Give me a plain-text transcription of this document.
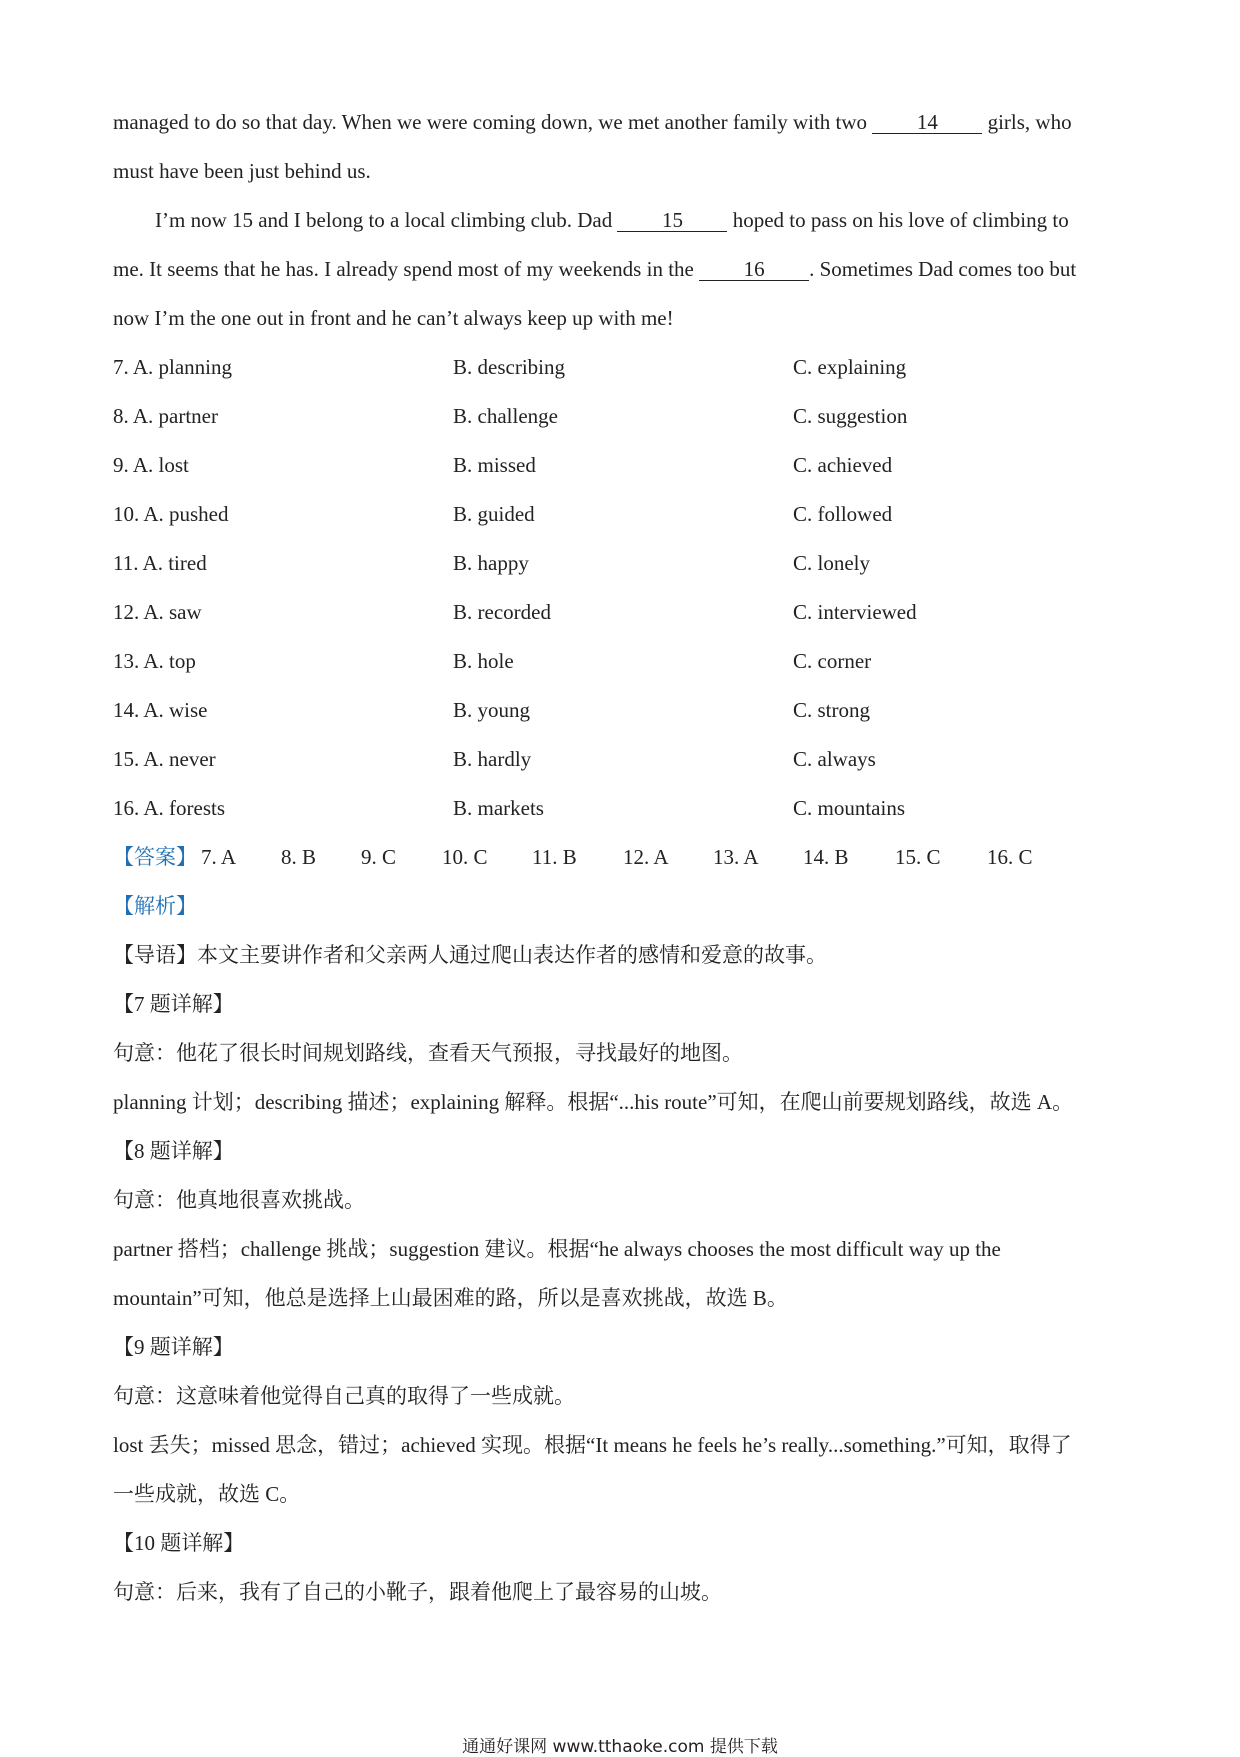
managed to do so that day. When we were coming down, we met another family with two 14 girls, who
must have been just behind us.
I’m now 15 and I belong to a local climbing club. Dad 15 hoped to pass on his love of climbing to
me. It seems that he has. I already spend most of my weekends in the 16 . Sometimes Dad comes too but
now I’m the one out in front and he can’t always keep up with me!
7. A. planning	B. describing	C. explaining
8. A. partner	B. challenge	C. suggestion
9. A. lost	B. missed	C. achieved
10. A. pushed	B. guided	C. followed
11. A. tired	B. happy	C. lonely
12. A. saw	B. recorded	C. interviewed
13. A. top	B. hole	C. corner
14. A. wise	B. young	C. strong
15. A. never	B. hardly	C. always
16. A. forests	B. markets	C. mountains
【答案】 7. A 8. B 9. C 10. C 11. B 12. A 13. A 14. B 15. C 16. C
【解析】
【导语】本文主要讲作者和父亲两人通过爬山表达作者的感情和爱意的故事。
【7 题详解】
句意：他花了很长时间规划路线，查看天气预报，寻找最好的地图。
planning 计划；describing 描述；explaining 解释。根据“...his route”可知，在爬山前要规划路线，故选 A。
【8 题详解】
句意：他真地很喜欢挑战。
partner 搭档；challenge 挑战；suggestion 建议。根据“he always chooses the most difficult way up the
mountain”可知，他总是选择上山最困难的路，所以是喜欢挑战，故选 B。
【9 题详解】
句意：这意味着他觉得自己真的取得了一些成就。
lost 丢失；missed 思念，错过；achieved 实现。根据“It means he feels he’s really...something.”可知，取得了
一些成就，故选 C。
【10 题详解】
句意：后来，我有了自己的小靴子，跟着他爬上了最容易的山坡。
通通好课网 www.tthaoke.com 提供下载
